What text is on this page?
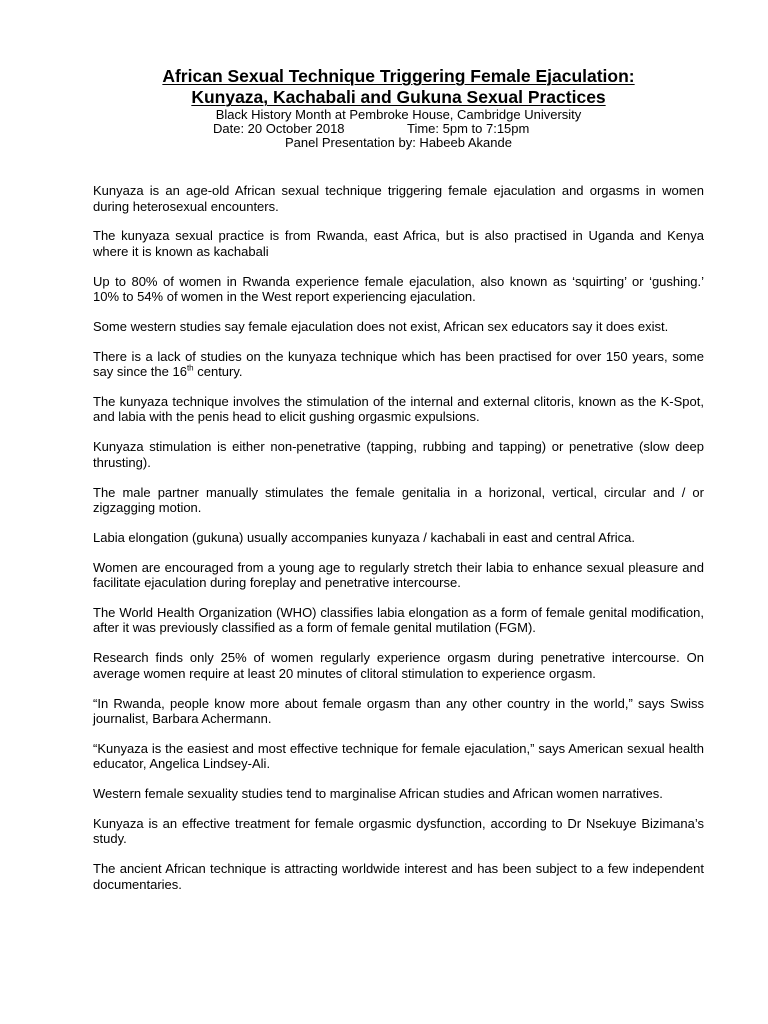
African Sexual Technique Triggering Female Ejaculation:

Kunyaza, Kachabali and Gukuna Sexual Practices

Black History Month at Pembroke House, Cambridge University

Date: 20 October 2018	Time: 5pm to 7:15pm

Panel Presentation by: Habeeb Akande

Kunyaza is an age-old African sexual technique triggering female ejaculation and orgasms in women during heterosexual encounters.

The kunyaza sexual practice is from Rwanda, east Africa, but is also practised in Uganda and Kenya where it is known as kachabali

Up to 80% of women in Rwanda experience female ejaculation, also known as ‘squirting’ or ‘gushing.’ 10% to 54% of women in the West report experiencing ejaculation.

Some western studies say female ejaculation does not exist, African sex educators say it does exist.

There is a lack of studies on the kunyaza technique which has been practised for over 150 years, some say since the 16th century.

The kunyaza technique involves the stimulation of the internal and external clitoris, known as the K-Spot, and labia with the penis head to elicit gushing orgasmic expulsions.

Kunyaza stimulation is either non-penetrative (tapping, rubbing and tapping) or penetrative (slow deep thrusting).

The male partner manually stimulates the female genitalia in a horizonal, vertical, circular and / or zigzagging motion.

Labia elongation (gukuna) usually accompanies kunyaza / kachabali in east and central Africa.

Women are encouraged from a young age to regularly stretch their labia to enhance sexual pleasure and facilitate ejaculation during foreplay and penetrative intercourse.

The World Health Organization (WHO) classifies labia elongation as a form of female genital modification, after it was previously classified as a form of female genital mutilation (FGM).

Research finds only 25% of women regularly experience orgasm during penetrative intercourse. On average women require at least 20 minutes of clitoral stimulation to experience orgasm.

“In Rwanda, people know more about female orgasm than any other country in the world,” says Swiss journalist, Barbara Achermann.

“Kunyaza is the easiest and most effective technique for female ejaculation,” says American sexual health educator, Angelica Lindsey-Ali.

Western female sexuality studies tend to marginalise African studies and African women narratives.

Kunyaza is an effective treatment for female orgasmic dysfunction, according to Dr Nsekuye Bizimana’s study.

The ancient African technique is attracting worldwide interest and has been subject to a few independent documentaries.
